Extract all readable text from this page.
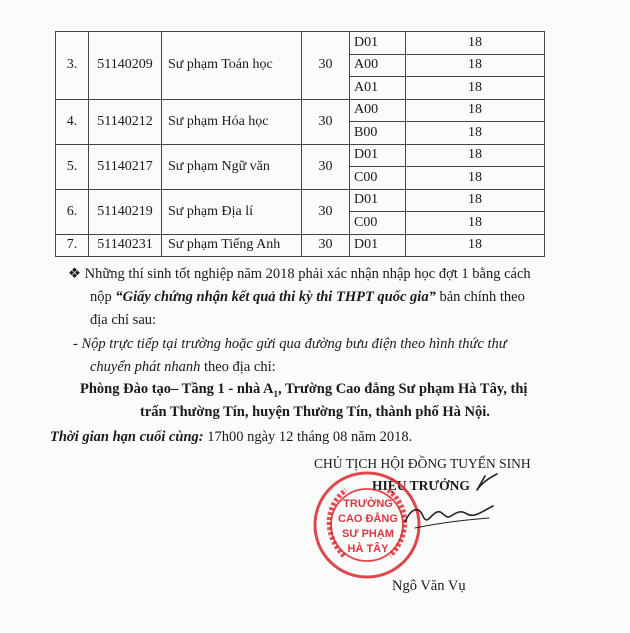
3.	51140209	Sư phạm Toán học	30	D01	18
				A00	18
				A01	18
4.	51140212	Sư phạm Hóa học	30	A00	18
				B00	18
5.	51140217	Sư phạm Ngữ văn	30	D01	18
				C00	18
6.	51140219	Sư phạm Địa lí	30	D01	18
				C00	18
7.	51140231	Sư phạm Tiếng Anh	30	D01	18
❖ Những thí sinh tốt nghiệp năm 2018 phải xác nhận nhập học đợt 1 bằng cách
nộp “Giấy chứng nhận kết quả thi kỳ thi THPT quốc gia” bản chính theo
địa chỉ sau:
- Nộp trực tiếp tại trường hoặc gửi qua đường bưu điện theo hình thức thư
chuyển phát nhanh theo địa chỉ:
Phòng Đào tạo– Tầng 1 - nhà $A_1$, Trường Cao đẳng Sư phạm Hà Tây, thị
trấn Thường Tín, huyện Thường Tín, thành phố Hà Nội.
Thời gian hạn cuối cùng: 17h00 ngày 12 tháng 08 năm 2018.
CHỦ TỊCH HỘI ĐỒNG TUYỂN SINH
HIỆU TRƯỞNG
TRƯỜNG
CAO ĐẲNG
SƯ PHẠM
HÀ TÂY
Ngô Văn Vụ
